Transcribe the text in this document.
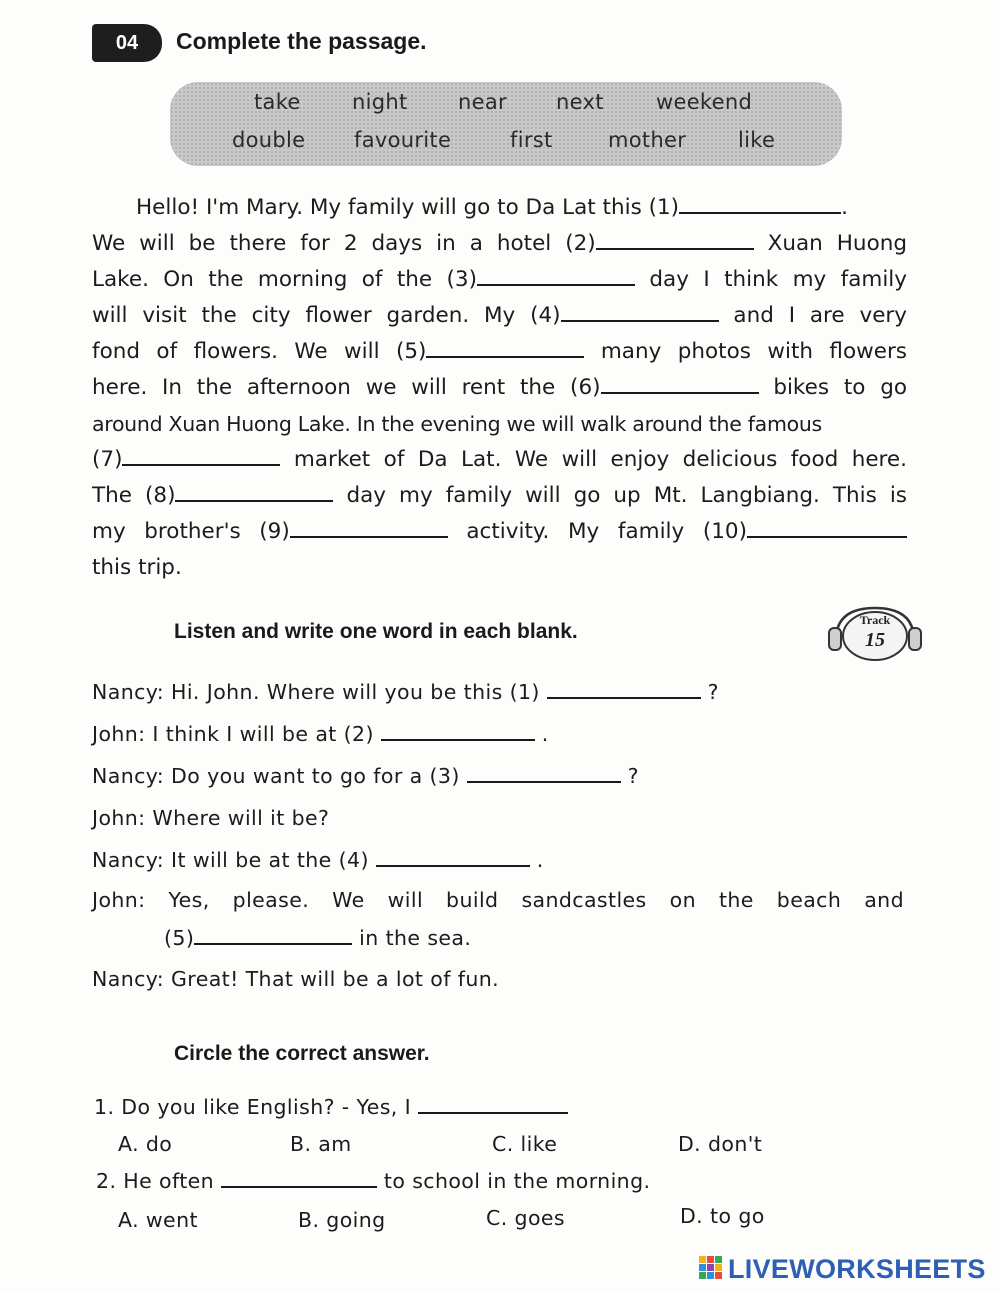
04	Complete the passage.
take night near next weekend
double favourite	first	mother like
Hello! I'm Mary. My family will go to Da Lat this (1)	.
We will be there for 2 days in a hotel (2)	Xuan Huong
Lake. On the morning of the (3)	day I think my family
will visit the city flower garden. My (4)	and I are very
fond of flowers. We will (5)	many photos with flowers
here. In the afternoon we will rent the (6)	bikes to go
around Xuan Huong Lake. In the evening we will walk around the famous
(7)	market of Da Lat. We will enjoy delicious food here.
The (8)	day my family will go up Mt. Langbiang. This is
my brother's (9)	activity. My family (10)
this trip.
Listen and write one word in each blank.	Track
15
Nancy: Hi. John. Where will you be this (1)	?
John: I think I will be at (2)	.
Nancy: Do you want to go for a (3)	?
John: Where will it be?
Nancy: It will be at the (4)	.
John: Yes, please. We will build sandcastles on the beach and
(5)	in the sea.
Nancy: Great! That will be a lot of fun.
Circle the correct answer.
1. Do you like English? - Yes, I
A. do	B. am	C. like	D. don't
2. He often	to school in the morning.
A. went	B. going	C. goes	D. to go
LIVEWORKSHEETS
